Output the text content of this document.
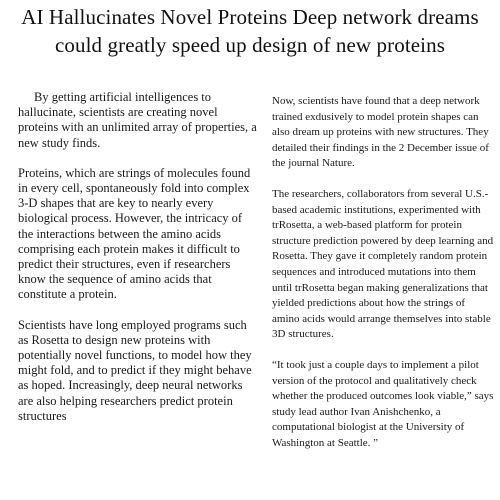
AI Hallucinates Novel Proteins Deep network dreams could greatly speed up design of new proteins

By getting artificial intelligences to hallucinate, scientists are creating novel proteins with an unlimited array of properties, a new study finds.

Proteins, which are strings of molecules found in every cell, spontaneously fold into complex 3-D shapes that are key to nearly every biological process. However, the intricacy of the interactions between the amino acids comprising each protein makes it difficult to predict their structures, even if researchers know the sequence of amino acids that constitute a protein.

Scientists have long employed programs such as Rosetta to design new proteins with potentially novel functions, to model how they might fold, and to predict if they might behave as hoped. Increasingly, deep neural networks are also helping researchers predict protein structures

Now, scientists have found that a deep network trained exdusively to model protein shapes can also dream up proteins with new structures. They detailed their findings in the 2 December issue of the journal Nature.

The researchers, collaborators from several U.S.-based academic institutions, experimented with trRosetta, a web-based platform for protein structure prediction powered by deep learning and Rosetta. They gave it completely random protein sequences and introduced mutations into them until trRosetta began making generalizations that yielded predictions about how the strings of amino acids would arrange themselves into stable 3D structures.

“It took just a couple days to implement a pilot version of the protocol and qualitatively check whether the produced outcomes look viable,” says study lead author Ivan Anishchenko, a computational biologist at the University of Washington at Seattle. ”
